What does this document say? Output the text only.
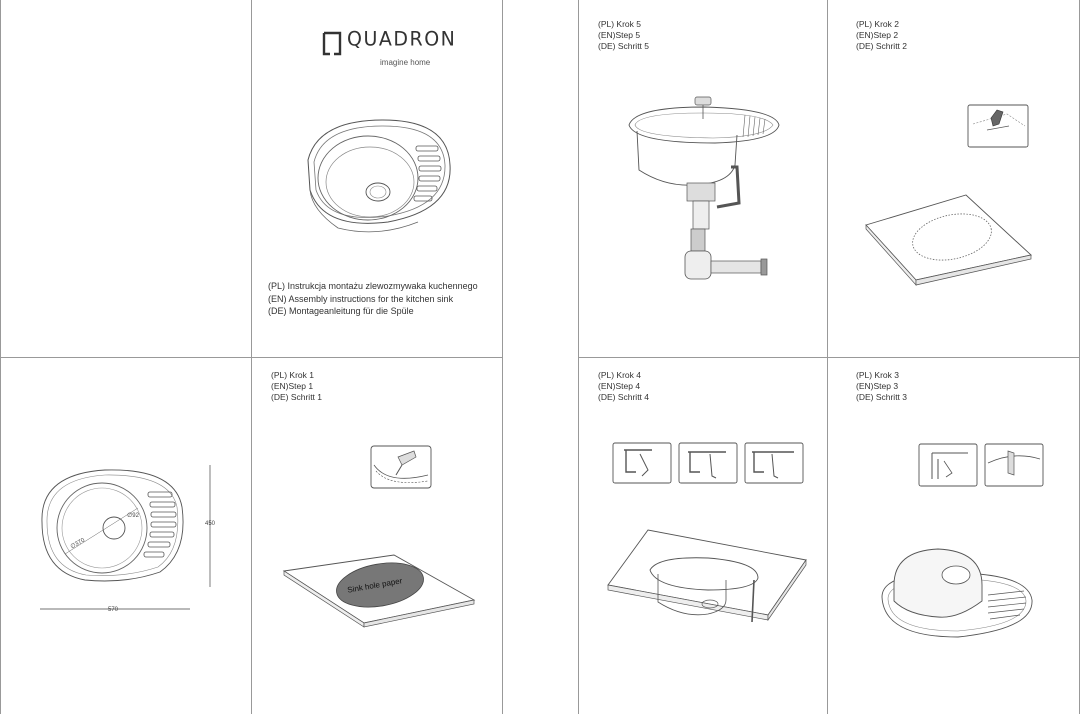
QUADRON
imagine home
(PL) Instrukcja montażu zlewozmywaka kuchennego
(EN) Assembly instructions for the kitchen sink
(DE) Montageanleitung für die Spüle
450
570
∅370
∅92
(PL) Krok 1
(EN)Step 1
(DE) Schritt 1
Sink hole paper
(PL) Krok 5
(EN)Step 5
(DE) Schritt 5
(PL) Krok 2
(EN)Step 2
(DE) Schritt 2
(PL) Krok 4
(EN)Step 4
(DE) Schritt 4
(PL) Krok 3
(EN)Step 3
(DE) Schritt 3
